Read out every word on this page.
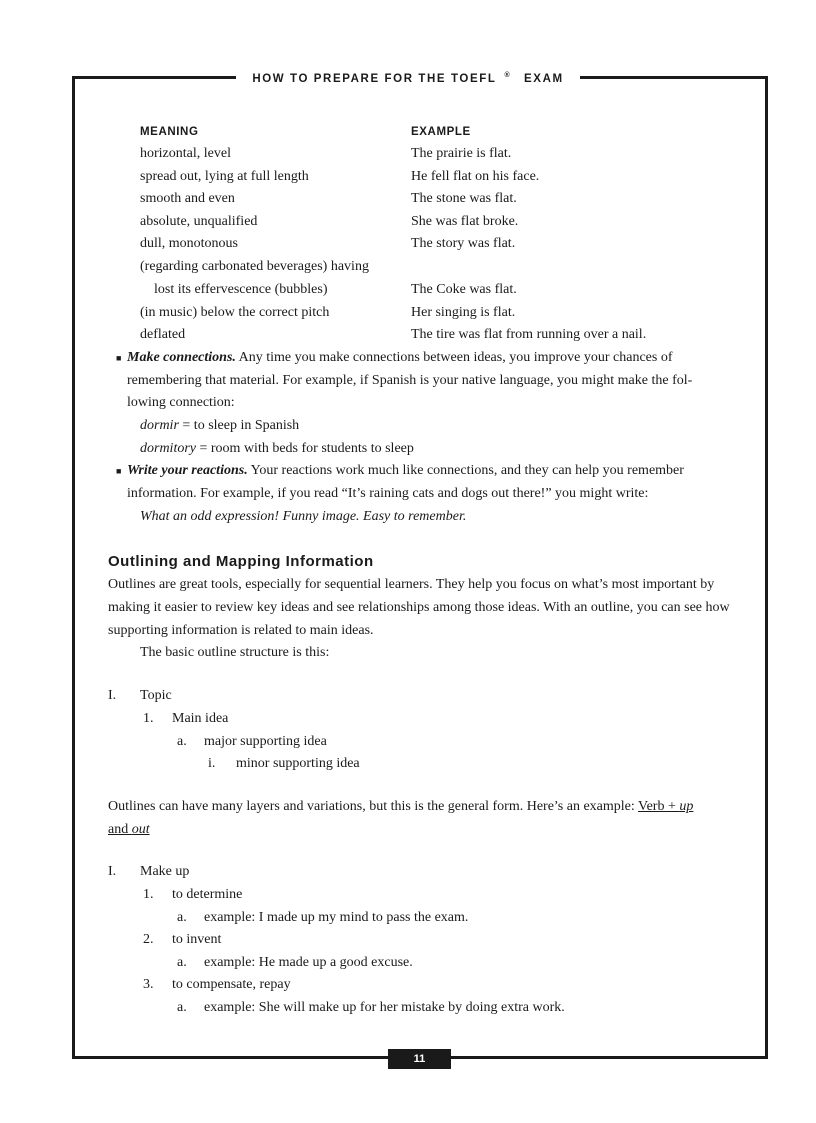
HOW TO PREPARE FOR THE TOEFL ® EXAM
MEANING	EXAMPLE
horizontal, level	The prairie is flat.
spread out, lying at full length	He fell flat on his face.
smooth and even	The stone was flat.
absolute, unqualified	She was flat broke.
dull, monotonous	The story was flat.
(regarding carbonated beverages) having
lost its effervescence (bubbles)	The Coke was flat.
(in music) below the correct pitch	Her singing is flat.
deflated	The tire was flat from running over a nail.
■ Make connections. Any time you make connections between ideas, you improve your chances of
remembering that material. For example, if Spanish is your native language, you might make the fol-
lowing connection:
dormir = to sleep in Spanish
dormitory = room with beds for students to sleep
■ Write your reactions. Your reactions work much like connections, and they can help you remember
information. For example, if you read “It’s raining cats and dogs out there!” you might write:
What an odd expression! Funny image. Easy to remember.
Outlining and Mapping Information
Outlines are great tools, especially for sequential learners. They help you focus on what’s most important by
making it easier to review key ideas and see relationships among those ideas. With an outline, you can see how
supporting information is related to main ideas.
The basic outline structure is this:
I. Topic
1. Main idea
a. major supporting idea
i. minor supporting idea
Outlines can have many layers and variations, but this is the general form. Here’s an example: Verb + up
and out
I. Make up
1. to determine
a. example: I made up my mind to pass the exam.
2. to invent
a. example: He made up a good excuse.
3. to compensate, repay
a. example: She will make up for her mistake by doing extra work.
11
